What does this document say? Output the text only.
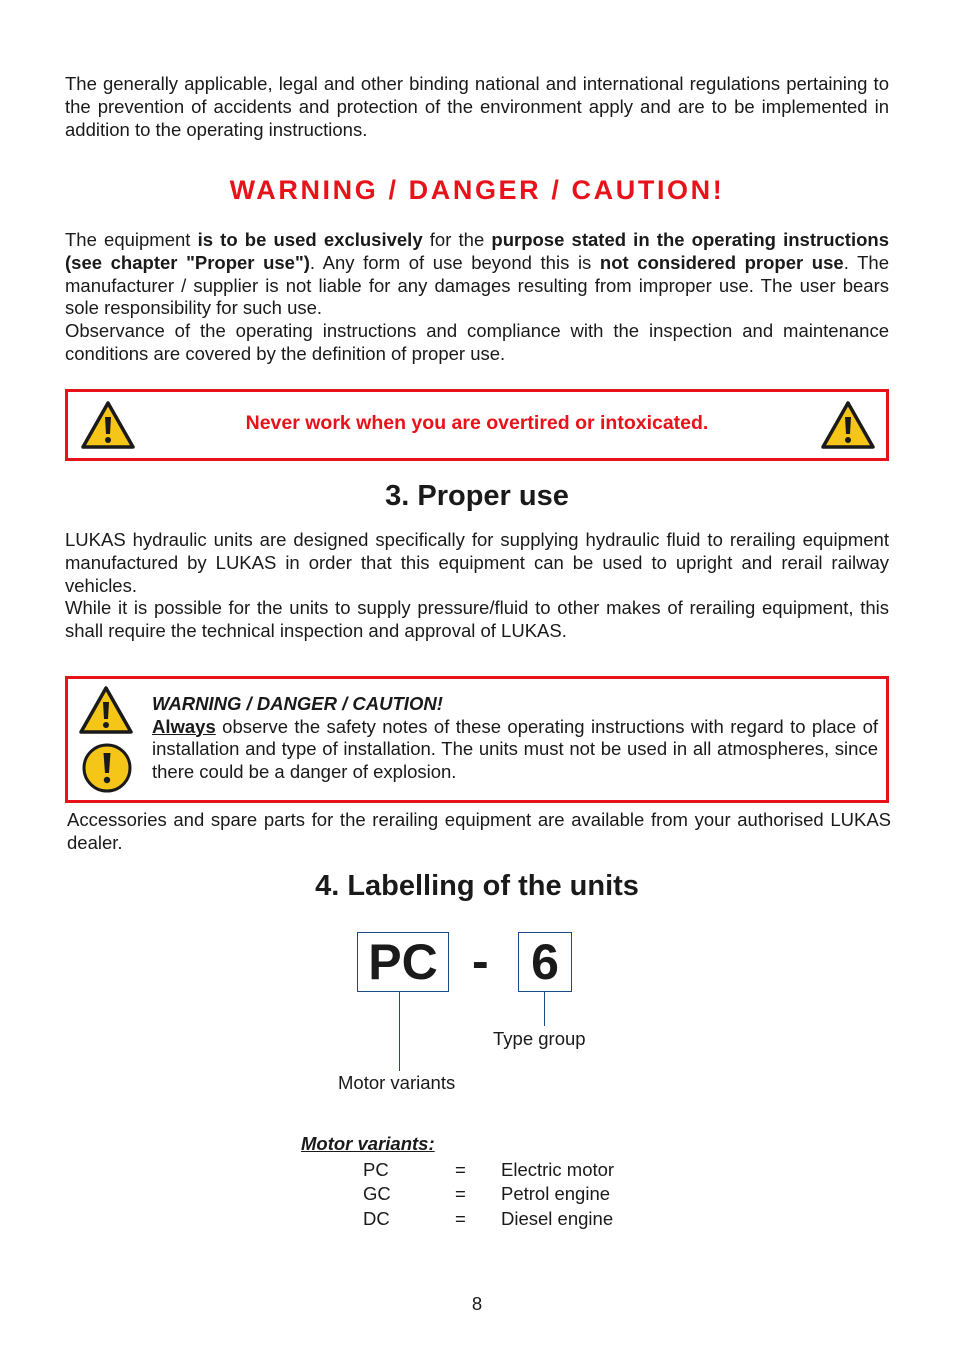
The generally applicable, legal and other binding national and international regulations pertaining to the prevention of accidents and protection of the environment apply and are to be implemented in addition to the operating instructions.

WARNING / DANGER / CAUTION!

The equipment is to be used exclusively for the purpose stated in the operating instructions (see chapter "Proper use"). Any form of use beyond this is not considered proper use. The manufacturer / supplier is not liable for any damages resulting from improper use. The user bears sole responsibility for such use.
Observance of the operating instructions and compliance with the inspection and maintenance conditions are covered by the definition of proper use.

Never work when you are overtired or intoxicated.
3. Proper use

LUKAS hydraulic units are designed specifically for supplying hydraulic fluid to rerailing equipment manufactured by LUKAS in order that this equipment can be used to upright and rerail railway vehicles.
While it is possible for the units to supply pressure/fluid to other makes of rerailing equipment, this shall require the technical inspection and approval of LUKAS.

WARNING / DANGER / CAUTION!
Always observe the safety notes of these operating instructions with regard to place of installation and type of installation. The units must not be used in all atmospheres, since there could be a danger of explosion.

Accessories and spare parts for the rerailing equipment are available from your authorised LUKAS dealer.

4. Labelling of the units
PC - 6
Type group
Motor variants
Motor variants:
PC	= Electric motor
GC	= Petrol engine
DC	= Diesel engine
8
